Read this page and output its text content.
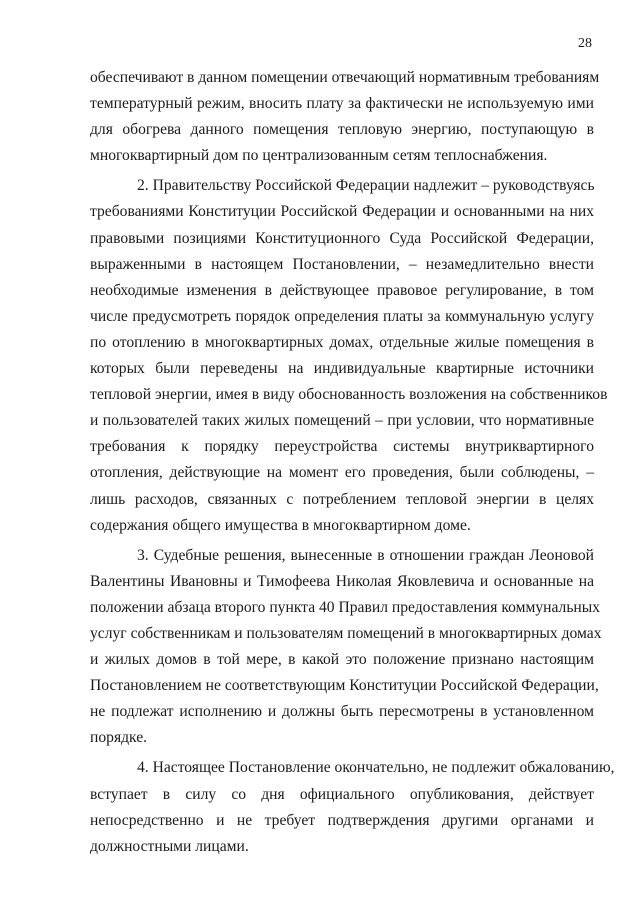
28
обеспечивают в данном помещении отвечающий нормативным требованиям
температурный режим, вносить плату за фактически не используемую ими
для обогрева данного помещения тепловую энергию, поступающую в
многоквартирный дом по централизованным сетям теплоснабжения.
2. Правительству Российской Федерации надлежит – руководствуясь
требованиями Конституции Российской Федерации и основанными на них
правовыми позициями Конституционного Суда Российской Федерации,
выраженными в настоящем Постановлении, – незамедлительно внести
необходимые изменения в действующее правовое регулирование, в том
числе предусмотреть порядок определения платы за коммунальную услугу
по отоплению в многоквартирных домах, отдельные жилые помещения в
которых были переведены на индивидуальные квартирные источники
тепловой энергии, имея в виду обоснованность возложения на собственников
и пользователей таких жилых помещений – при условии, что нормативные
требования к порядку переустройства системы внутриквартирного
отопления, действующие на момент его проведения, были соблюдены, –
лишь расходов, связанных с потреблением тепловой энергии в целях
содержания общего имущества в многоквартирном доме.
3. Судебные решения, вынесенные в отношении граждан Леоновой
Валентины Ивановны и Тимофеева Николая Яковлевича и основанные на
положении абзаца второго пункта 40 Правил предоставления коммунальных
услуг собственникам и пользователям помещений в многоквартирных домах
и жилых домов в той мере, в какой это положение признано настоящим
Постановлением не соответствующим Конституции Российской Федерации,
не подлежат исполнению и должны быть пересмотрены в установленном
порядке.
4. Настоящее Постановление окончательно, не подлежит обжалованию,
вступает в силу со дня официального опубликования, действует
непосредственно и не требует подтверждения другими органами и
должностными лицами.
